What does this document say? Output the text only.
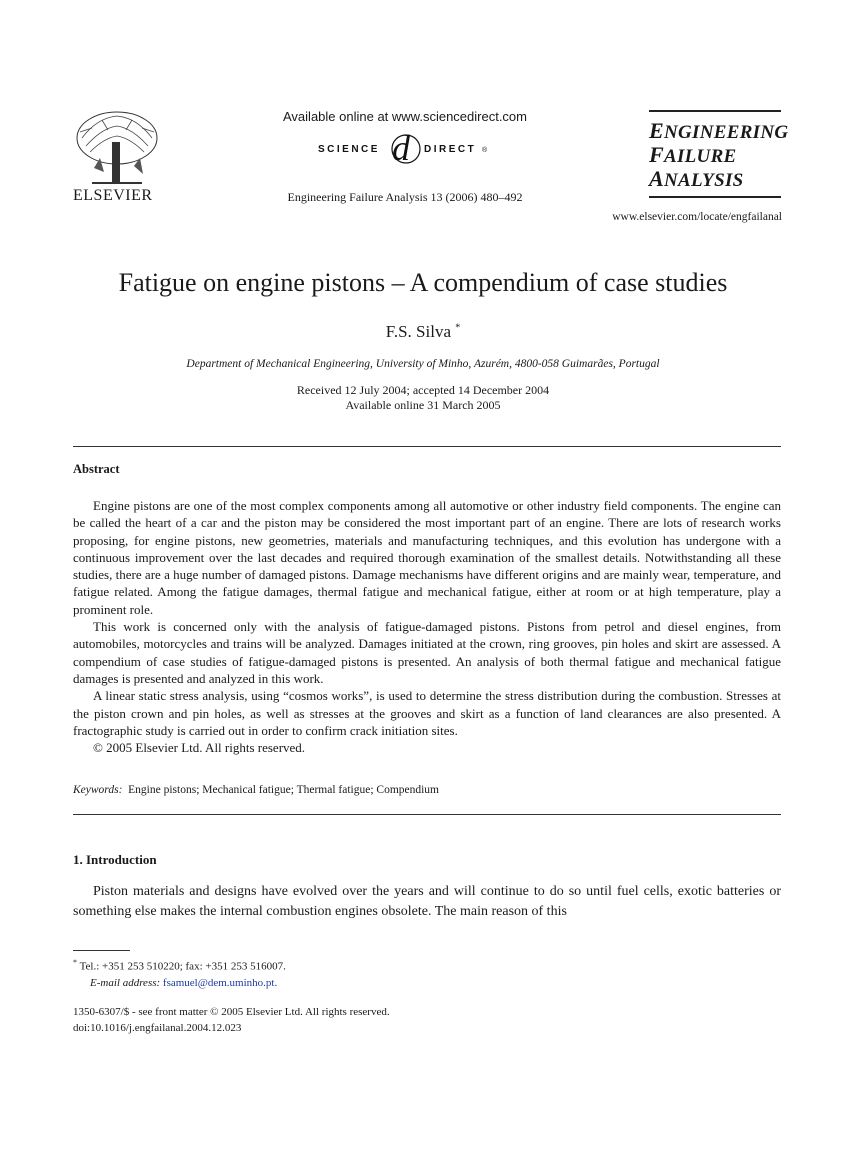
ELSEVIER
Available online at www.sciencedirect.com
SCIENCE d DIRECT ®
Engineering Failure Analysis 13 (2006) 480–492
ENGINEERING
FAILURE
ANALYSIS
www.elsevier.com/locate/engfailanal
Fatigue on engine pistons – A compendium of case studies
F.S. Silva *
Department of Mechanical Engineering, University of Minho, Azurém, 4800-058 Guimarães, Portugal
Received 12 July 2004; accepted 14 December 2004
Available online 31 March 2005
Abstract

Engine pistons are one of the most complex components among all automotive or other industry field components. The engine can be called the heart of a car and the piston may be considered the most important part of an engine. There are lots of research works proposing, for engine pistons, new geometries, materials and manufacturing techniques, and this evolution has undergone with a continuous improvement over the last decades and required thorough examination of the smallest details. Notwithstanding all these studies, there are a huge number of damaged pistons. Damage mechanisms have different origins and are mainly wear, temperature, and fatigue related. Among the fatigue damages, thermal fatigue and mechanical fatigue, either at room or at high temperature, play a prominent role.

This work is concerned only with the analysis of fatigue-damaged pistons. Pistons from petrol and diesel engines, from automobiles, motorcycles and trains will be analyzed. Damages initiated at the crown, ring grooves, pin holes and skirt are assessed. A compendium of case studies of fatigue-damaged pistons is presented. An analysis of both thermal fatigue and mechanical fatigue damages is presented and analyzed in this work.

A linear static stress analysis, using “cosmos works”, is used to determine the stress distribution during the combustion. Stresses at the piston crown and pin holes, as well as stresses at the grooves and skirt as a function of land clearances are also presented. A fractographic study is carried out in order to confirm crack initiation sites.

© 2005 Elsevier Ltd. All rights reserved.

Keywords: Engine pistons; Mechanical fatigue; Thermal fatigue; Compendium
1. Introduction

Piston materials and designs have evolved over the years and will continue to do so until fuel cells, exotic batteries or something else makes the internal combustion engines obsolete. The main reason of this

* Tel.: +351 253 510220; fax: +351 253 516007.
E-mail address: fsamuel@dem.uminho.pt.
1350-6307/$ - see front matter © 2005 Elsevier Ltd. All rights reserved.
doi:10.1016/j.engfailanal.2004.12.023
